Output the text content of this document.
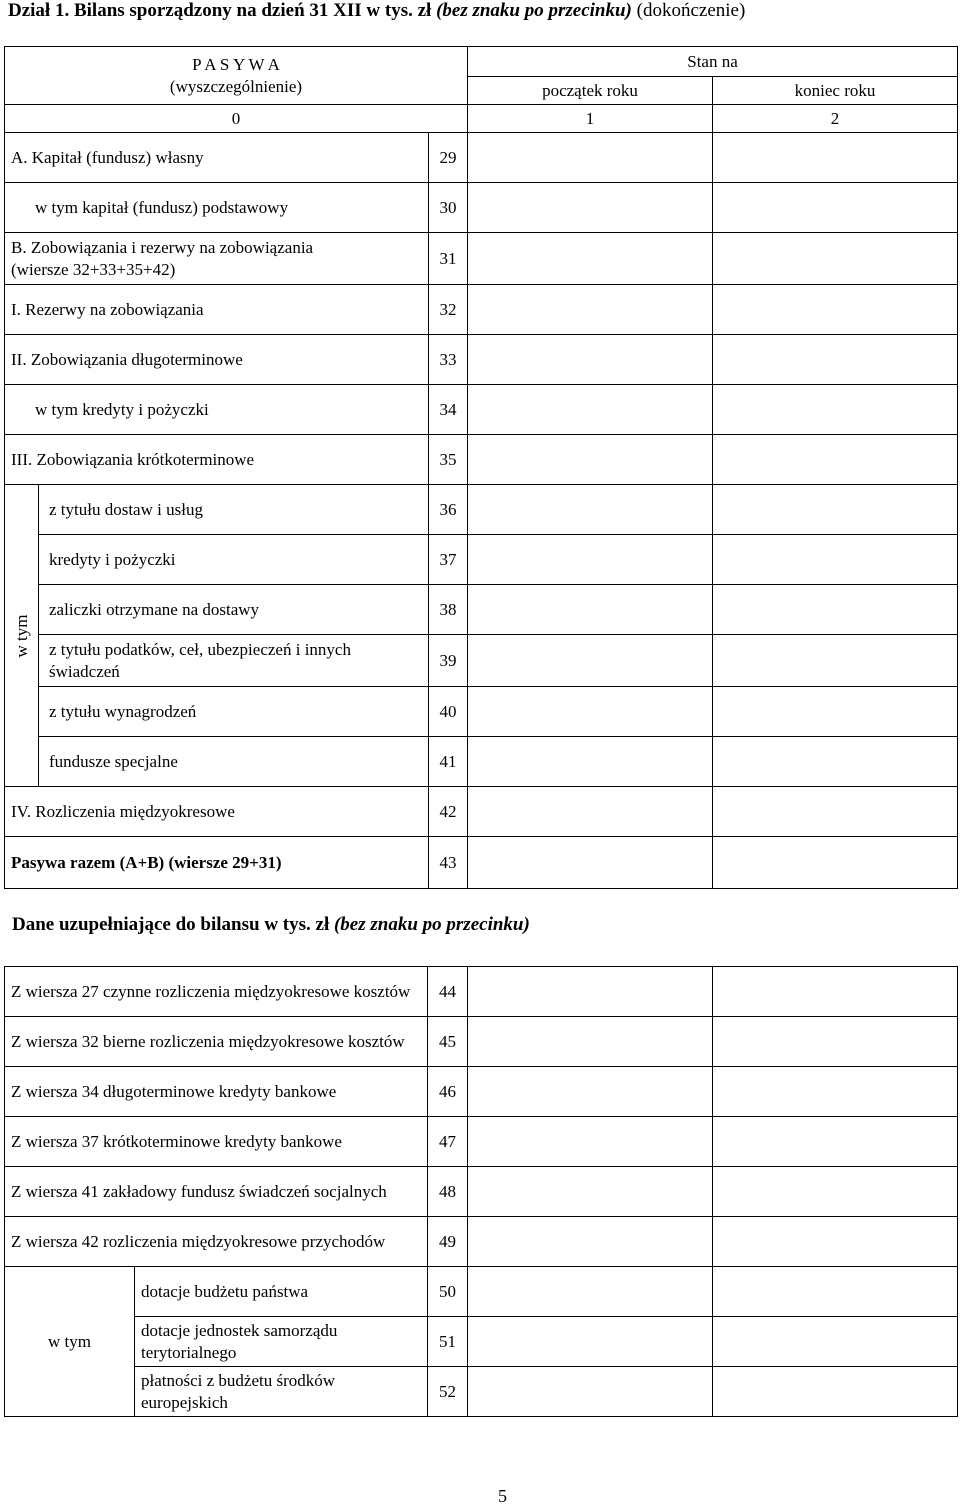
Dział 1. Bilans sporządzony na dzień 31 XII w tys. zł (bez znaku po przecinku) (dokończenie)
P A S Y W A
(wyszczególnienie)			Stan na	
			początek roku	koniec roku
0			1	2
A. Kapitał (fundusz) własny		29		
w tym kapitał (fundusz) podstawowy		30		
B. Zobowiązania i rezerwy na zobowiązania (wiersze 32+33+35+42)		31		
I. Rezerwy na zobowiązania		32		
II. Zobowiązania długoterminowe		33		
w tym kredyty i pożyczki		34		
III. Zobowiązania krótkoterminowe		35		

w tym	z tytułu dostaw i usług	36		
	kredyty i pożyczki	37		
	zaliczki otrzymane na dostawy	38		
	z tytułu podatków, ceł, ubezpieczeń i innych świadczeń	39		
	z tytułu wynagrodzeń	40		
	fundusze specjalne	41		
IV. Rozliczenia międzyokresowe		42		
Pasywa razem (A+B) (wiersze 29+31)		43		
Dane uzupełniające do bilansu w tys. zł (bez znaku po przecinku)
Z wiersza 27 czynne rozliczenia międzyokresowe kosztów		44		
Z wiersza 32 bierne rozliczenia międzyokresowe kosztów		45		
Z wiersza 34 długoterminowe kredyty bankowe		46		
Z wiersza 37 krótkoterminowe kredyty bankowe		47		
Z wiersza 41 zakładowy fundusz świadczeń socjalnych		48		
Z wiersza 42 rozliczenia międzyokresowe przychodów		49		
w tym	dotacje budżetu państwa	50		
	dotacje jednostek samorządu terytorialnego	51		
	płatności z budżetu środków europejskich	52		
5
